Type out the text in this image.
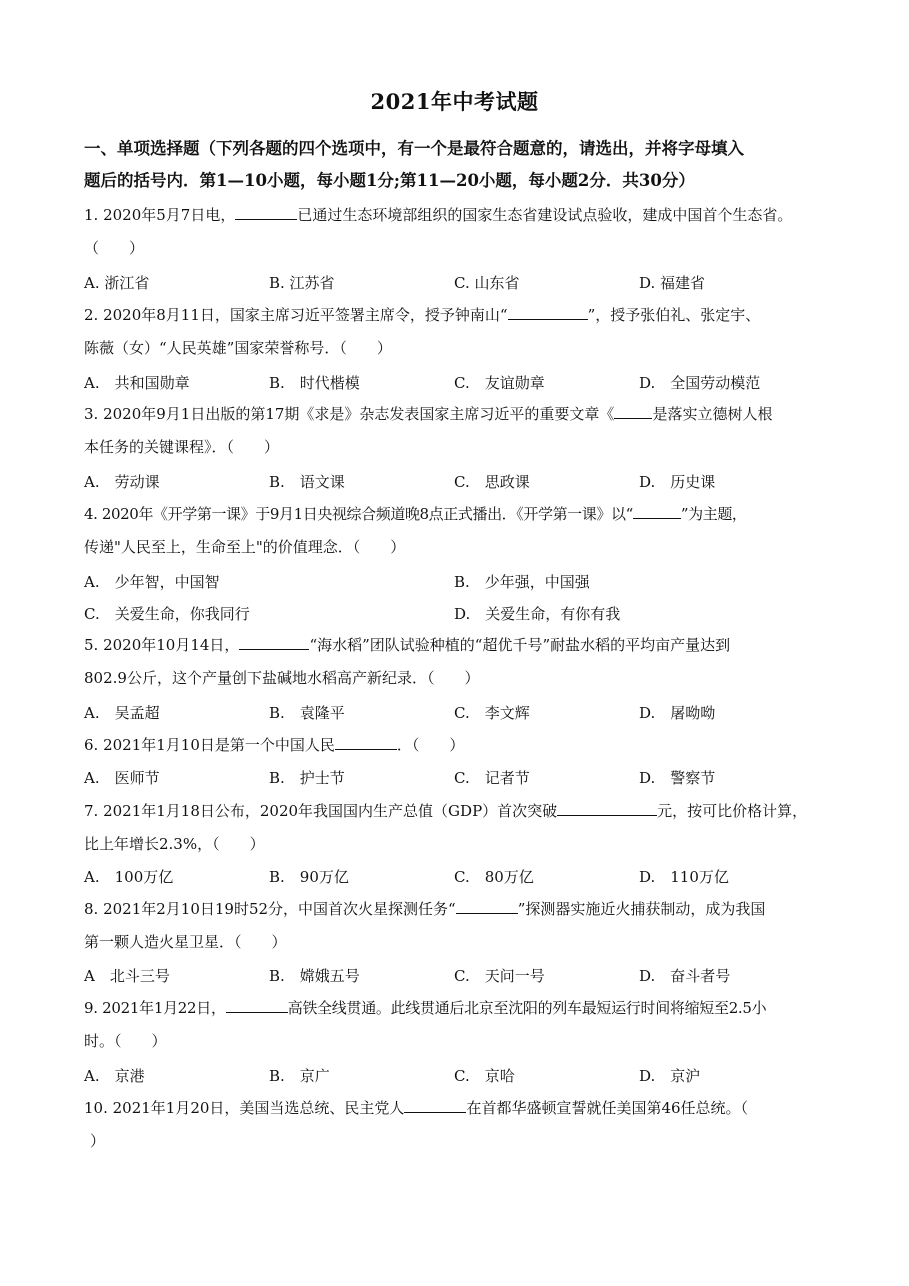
2021年中考试题
一、单项选择题（下列各题的四个选项中，有一个是最符合题意的，请选出，并将字母填入
题后的括号内．第1—10小题，每小题1分;第11—20小题，每小题2分．共30分）
1. 2020年5月7日电，	已通过生态环境部组织的国家生态省建设试点验收，建成中国首个生态省。
（　　）
A. 浙江省	B. 江苏省	C. 山东省	D. 福建省
2. 2020年8月11日，国家主席习近平签署主席令，授予钟南山“	”，授予张伯礼、张定宇、
陈薇（女）“人民英雄”国家荣誉称号．（　　）
A.　共和国勋章	B.　时代楷模	C.　友谊勋章	D.　全国劳动模范
3. 2020年9月1日出版的第17期《求是》杂志发表国家主席习近平的重要文章《	是落实立德树人根
本任务的关键课程》．（　　）
A.　劳动课	B.　语文课	C.　思政课	D.　历史课
4. 2020年《开学第一课》于9月1日央视综合频道晚8点正式播出．《开学第一课》以“	”为主题，
传递"人民至上，生命至上"的价值理念．（　　）
A.　少年智，中国智	B.　少年强，中国强
C.　关爱生命，你我同行	D.　关爱生命，有你有我
5. 2020年10月14日，	“海水稻”团队试验种植的“超优千号”耐盐水稻的平均亩产量达到
802.9公斤，这个产量创下盐碱地水稻高产新纪录．（　　）
A.　吴孟超	B.　袁隆平	C.　李文辉	D.　屠呦呦
6. 2021年1月10日是第一个中国人民	．（　　）
A.　医师节	B.　护士节	C.　记者节	D.　警察节
7. 2021年1月18日公布，2020年我国国内生产总值（GDP）首次突破	元，按可比价格计算，
比上年增长2.3%，（　　）
A.　100万亿	B.　90万亿	C.　80万亿	D.　110万亿
8. 2021年2月10日19时52分，中国首次火星探测任务“	”探测器实施近火捕获制动，成为我国
第一颗人造火星卫星．（　　）
A　北斗三号	B.　嫦娥五号	C.　天问一号	D.　奋斗者号
9. 2021年1月22日，	高铁全线贯通。此线贯通后北京至沈阳的列车最短运行时间将缩短至2.5小
时。（　　）
A.　京港	B.　京广	C.　京哈	D.　京沪
10. 2021年1月20日，美国当选总统、民主党人	在首都华盛顿宣誓就任美国第46任总统。（
）
